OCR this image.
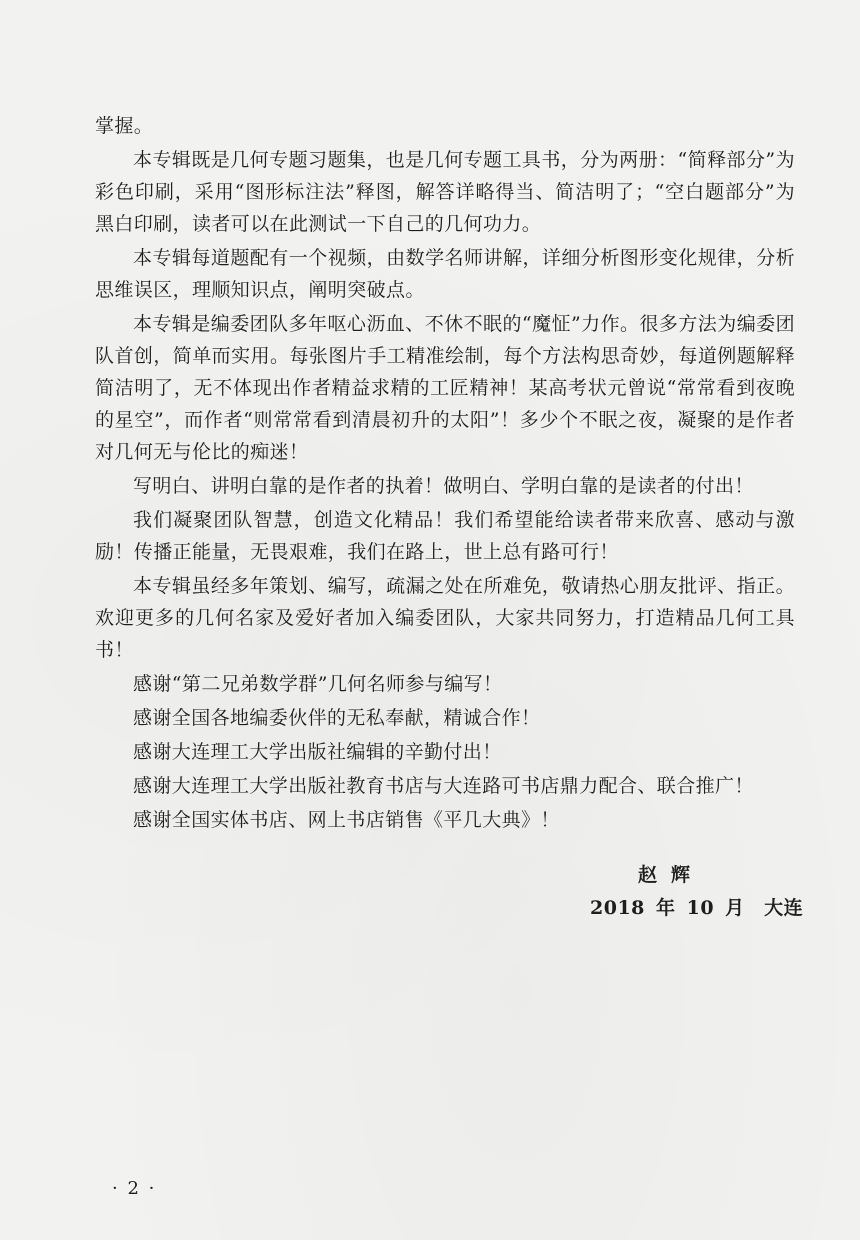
掌握。

本专辑既是几何专题习题集，也是几何专题工具书，分为两册：“简释部分”为彩色印刷，采用“图形标注法”释图，解答详略得当、简洁明了；“空白题部分”为黑白印刷，读者可以在此测试一下自己的几何功力。

本专辑每道题配有一个视频，由数学名师讲解，详细分析图形变化规律，分析思维误区，理顺知识点，阐明突破点。

本专辑是编委团队多年呕心沥血、不休不眠的“魔怔”力作。很多方法为编委团队首创，简单而实用。每张图片手工精准绘制，每个方法构思奇妙，每道例题解释简洁明了，无不体现出作者精益求精的工匠精神！某高考状元曾说“常常看到夜晚的星空”，而作者“则常常看到清晨初升的太阳”！多少个不眠之夜，凝聚的是作者对几何无与伦比的痴迷！

写明白、讲明白靠的是作者的执着！做明白、学明白靠的是读者的付出！

我们凝聚团队智慧，创造文化精品！我们希望能给读者带来欣喜、感动与激励！传播正能量，无畏艰难，我们在路上，世上总有路可行！

本专辑虽经多年策划、编写，疏漏之处在所难免，敬请热心朋友批评、指正。欢迎更多的几何名家及爱好者加入编委团队，大家共同努力，打造精品几何工具书！

感谢“第二兄弟数学群”几何名师参与编写！

感谢全国各地编委伙伴的无私奉献，精诚合作！

感谢大连理工大学出版社编辑的辛勤付出！

感谢大连理工大学出版社教育书店与大连路可书店鼎力配合、联合推广！

感谢全国实体书店、网上书店销售《平几大典》！

赵辉
2018 年 10 月　大连
· 2 ·
